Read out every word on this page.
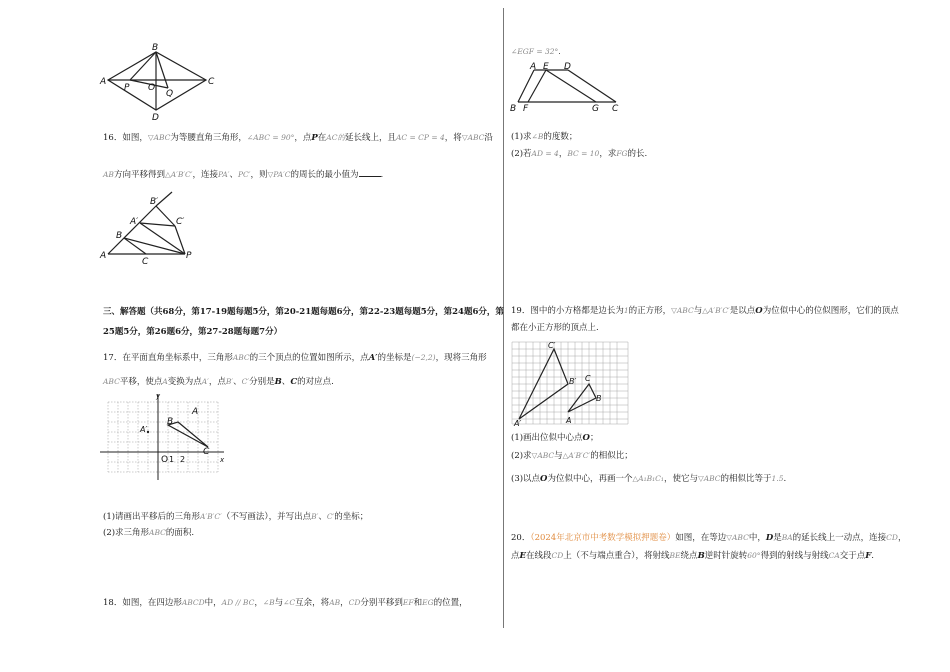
B
A
P O
Q
C
D
16．如图，▽ABC为等腰直角三角形，∠ABC = 90°，点P在AC的延长线上，且AC = CP = 4，将▽ABC沿
AB方向平移得到△A′B′C′，连接PA′、PC′，则▽PA′C的周长的最小值为	.
B′
A′	C′
B
A
C
P
三、解答题（共68分，第17-19题每题5分，第20-21题每题6分，第22-23题每题5分，第24题6分，第
25题5分，第26题6分，第27-28题每题7分）
17．在平面直角坐标系中，三角形ABC的三个顶点的位置如图所示，点A′的坐标是(−2,2)，现将三角形
ABC平移，使点A变换为点A′，点B′、C′分别是B、C的对应点.
y
A
B
A′
C
O 1 2	x
(1)请画出平移后的三角形A′B′C′（不写画法），并写出点B′、C′的坐标；
(2)求三角形ABC的面积.
18．如图，在四边形ABCD中，AD // BC，∠B与∠C互余，将AB，CD分别平移到EF和EG的位置，
∠EGF = 32°.
A E D
B F	G C
(1)求∠B的度数；
(2)若AD = 4，BC = 10，求FG的长.
19．图中的小方格都是边长为1的正方形，▽ABC与△A′B′C′是以点O为位似中心的位似图形，它们的顶点
都在小正方形的顶点上.
C′
B′ C
B
A′	A
(1)画出位似中心点O；
(2)求▽ABC与△A′B′C′的相似比；
(3)以点O为位似中心，再画一个△A₁B₁C₁，使它与▽ABC的相似比等于1.5.
20．（2024年北京市中考数学模拟押题卷）如图，在等边▽ABC中，D是BA的延长线上一动点，连接CD，
点E在线段CD上（不与端点重合），将射线BE绕点B逆时针旋转60°得到的射线与射线CA交于点F.
